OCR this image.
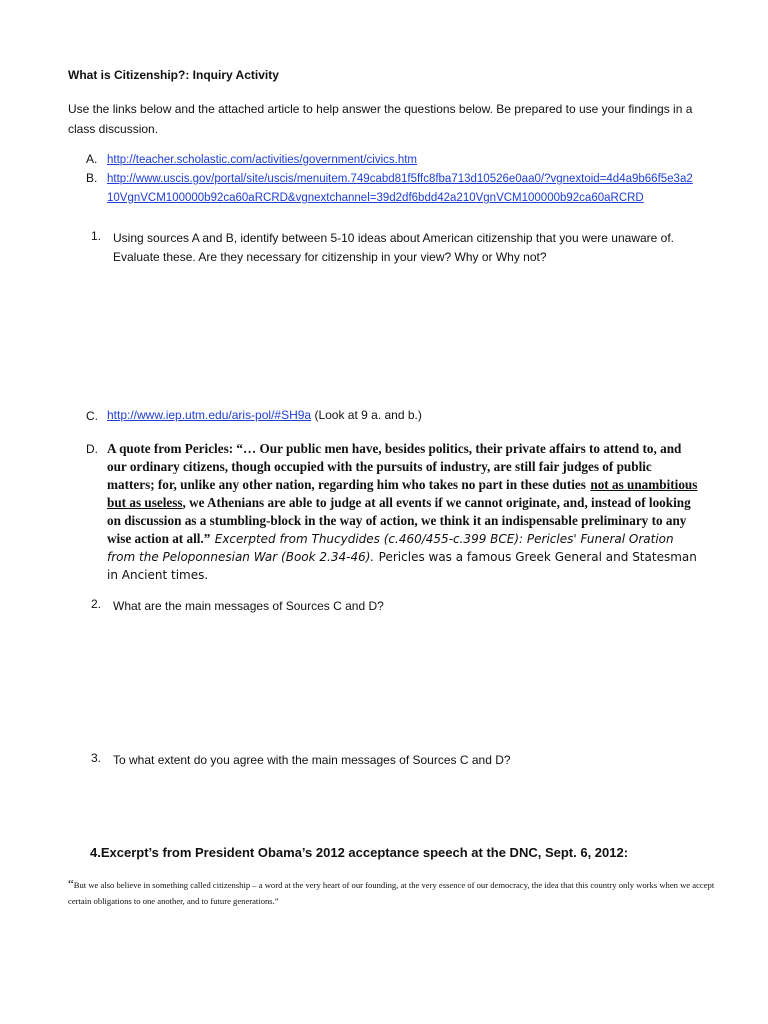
What is Citizenship?: Inquiry Activity
Use the links below and the attached article to help answer the questions below. Be prepared to use your findings in a class discussion.
A. http://teacher.scholastic.com/activities/government/civics.htm
B. http://www.uscis.gov/portal/site/uscis/menuitem.749cabd81f5ffc8fba713d10526e0aa0/?vgnextoid=4d4a9b66f5e3a210VgnVCM100000b92ca60aRCRD&vgnextchannel=39d2df6bdd42a210VgnVCM100000b92ca60aRCRD
1. Using sources A and B, identify between 5-10 ideas about American citizenship that you were unaware of. Evaluate these. Are they necessary for citizenship in your view? Why or Why not?
C. http://www.iep.utm.edu/aris-pol/#SH9a (Look at 9 a. and b.)
D. A quote from Pericles: “… Our public men have, besides politics, their private affairs to attend to, and our ordinary citizens, though occupied with the pursuits of industry, are still fair judges of public matters; for, unlike any other nation, regarding him who takes no part in these duties not as unambitious but as useless, we Athenians are able to judge at all events if we cannot originate, and, instead of looking on discussion as a stumbling-block in the way of action, we think it an indispensable preliminary to any wise action at all.” Excerpted from Thucydides (c.460/455-c.399 BCE): Pericles' Funeral Oration from the Peloponnesian War (Book 2.34-46). Pericles was a famous Greek General and Statesman in Ancient times.
2. What are the main messages of Sources C and D?
3. To what extent do you agree with the main messages of Sources C and D?
4.Excerpt’s from President Obama’s 2012 acceptance speech at the DNC, Sept. 6, 2012:
“But we also believe in something called citizenship – a word at the very heart of our founding, at the very essence of our democracy, the idea that this country only works when we accept certain obligations to one another, and to future generations.”
